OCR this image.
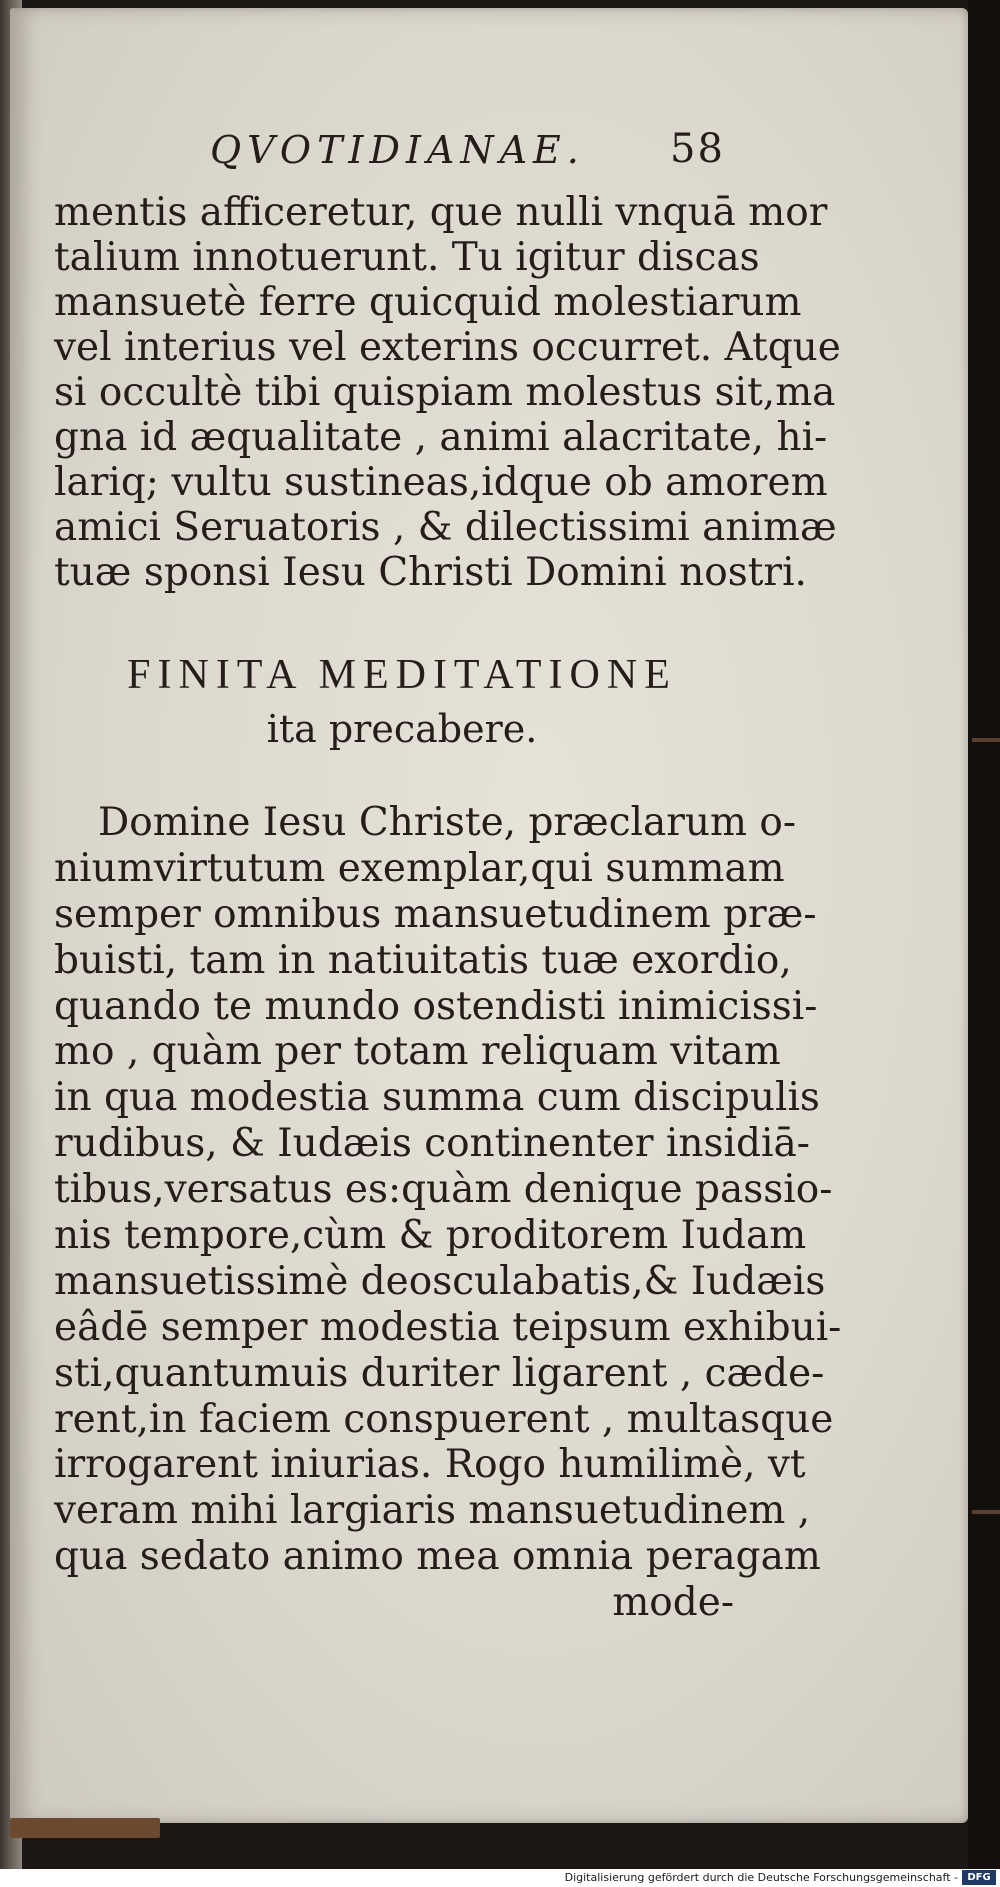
QVOTIDIANAE.	58
mentis afficeretur, que nulli vnquā mor
talium innotuerunt. Tu igitur discas
mansuetè ferre quicquid molestiarum
vel interius vel exterins occurret. Atque
si occultè tibi quispiam molestus sit,ma
gna id æqualitate , animi alacritate, hi-
lariq; vultu sustineas,idque ob amorem
amici Seruatoris , & dilectissimi animæ
tuæ sponsi Iesu Christi Domini nostri.
FINITA MEDITATIONE
ita precabere.
Domine Iesu Christe, præclarum o-
niumvirtutum exemplar,qui summam
semper omnibus mansuetudinem præ-
buisti, tam in natiuitatis tuæ exordio,
quando te mundo ostendisti inimicissi-
mo , quàm per totam reliquam vitam
in qua modestia summa cum discipulis
rudibus, & Iudæis continenter insidiā-
tibus,versatus es:quàm denique passio-
nis tempore,cùm & proditorem Iudam
mansuetissimè deosculabatis,& Iudæis
eâdē semper modestia teipsum exhibui-
sti,quantumuis duriter ligarent , cæde-
rent,in faciem conspuerent , multasque
irrogarent iniurias. Rogo humilimè, vt
veram mihi largiaris mansuetudinem ,
qua sedato animo mea omnia peragam
mode-
Digitalisierung gefördert durch die Deutsche Forschungsgemeinschaft - DFG
